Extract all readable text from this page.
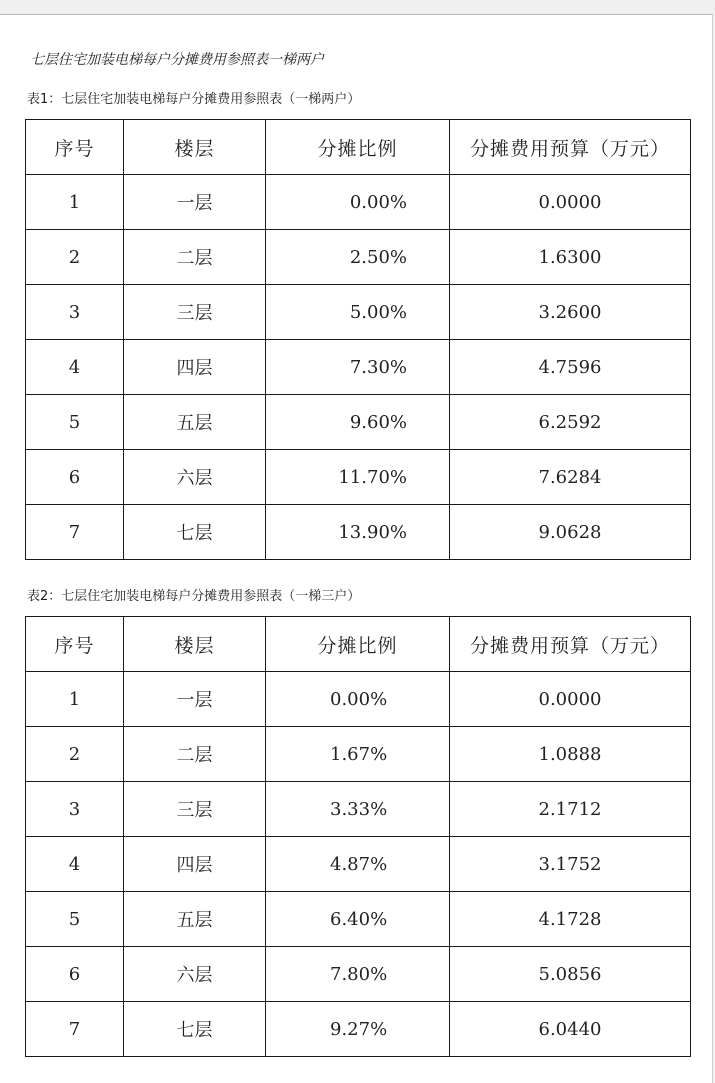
七层住宅加装电梯每户分摊费用参照表一梯两户
表1：七层住宅加装电梯每户分摊费用参照表（一梯两户）
序号	楼层	分摊比例	分摊费用预算（万元）
1	一层	0.00%	0.0000
2	二层	2.50%	1.6300
3	三层	5.00%	3.2600
4	四层	7.30%	4.7596
5	五层	9.60%	6.2592
6	六层	11.70%	7.6284
7	七层	13.90%	9.0628
表2：七层住宅加装电梯每户分摊费用参照表（一梯三户）
序号	楼层	分摊比例	分摊费用预算（万元）
1	一层	0.00%	0.0000
2	二层	1.67%	1.0888
3	三层	3.33%	2.1712
4	四层	4.87%	3.1752
5	五层	6.40%	4.1728
6	六层	7.80%	5.0856
7	七层	9.27%	6.0440
